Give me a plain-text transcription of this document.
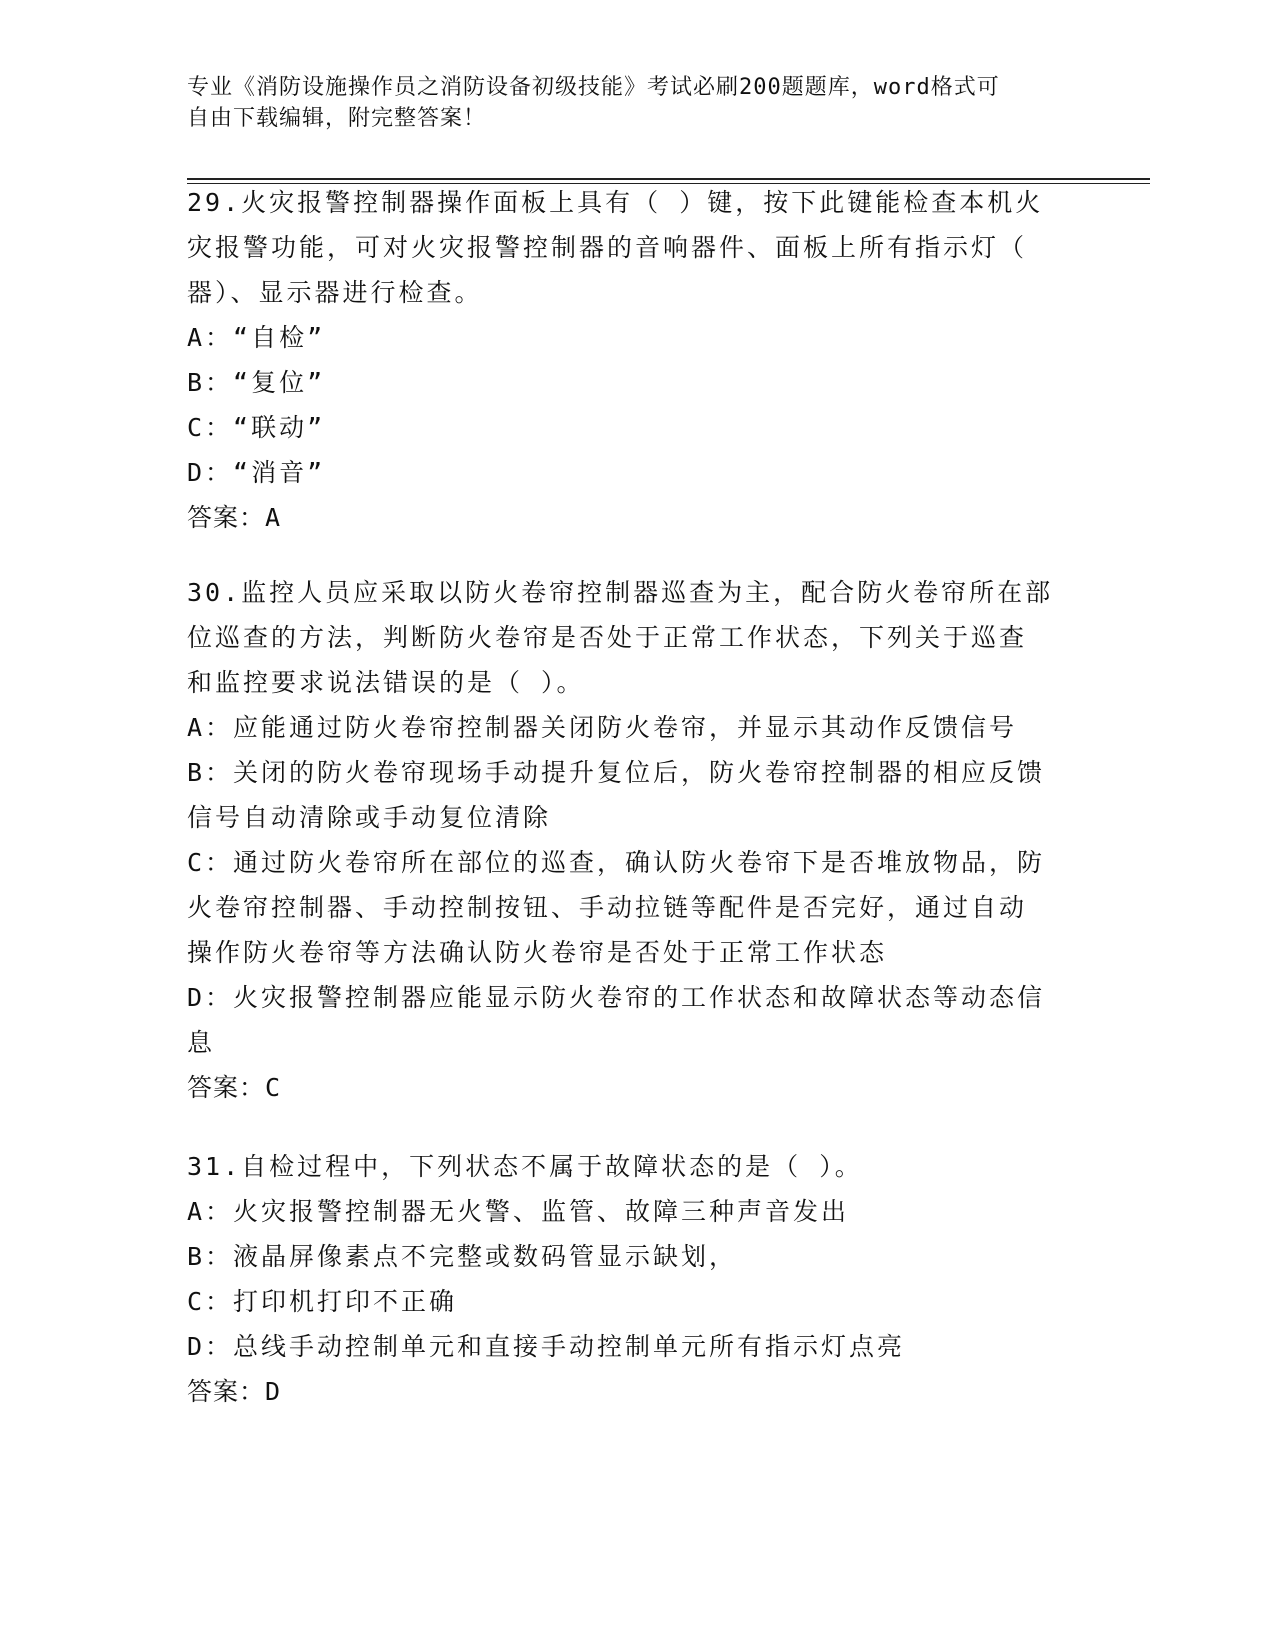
专业《消防设施操作员之消防设备初级技能》考试必刷200题题库，word格式可
自由下载编辑，附完整答案！
29.火灾报警控制器操作面板上具有（ ）键，按下此键能检查本机火
灾报警功能，可对火灾报警控制器的音响器件、面板上所有指示灯（
器）、显示器进行检查。
A：“自检”
B：“复位”
C：“联动”
D：“消音”
答案：A
30.监控人员应采取以防火卷帘控制器巡查为主，配合防火卷帘所在部
位巡查的方法，判断防火卷帘是否处于正常工作状态，下列关于巡查
和监控要求说法错误的是（ ）。
A：应能通过防火卷帘控制器关闭防火卷帘，并显示其动作反馈信号
B：关闭的防火卷帘现场手动提升复位后，防火卷帘控制器的相应反馈
信号自动清除或手动复位清除
C：通过防火卷帘所在部位的巡查，确认防火卷帘下是否堆放物品，防
火卷帘控制器、手动控制按钮、手动拉链等配件是否完好，通过自动
操作防火卷帘等方法确认防火卷帘是否处于正常工作状态
D：火灾报警控制器应能显示防火卷帘的工作状态和故障状态等动态信
息
答案：C
31.自检过程中，下列状态不属于故障状态的是（ ）。
A：火灾报警控制器无火警、监管、故障三种声音发出
B：液晶屏像素点不完整或数码管显示缺划，
C：打印机打印不正确
D：总线手动控制单元和直接手动控制单元所有指示灯点亮
答案：D
